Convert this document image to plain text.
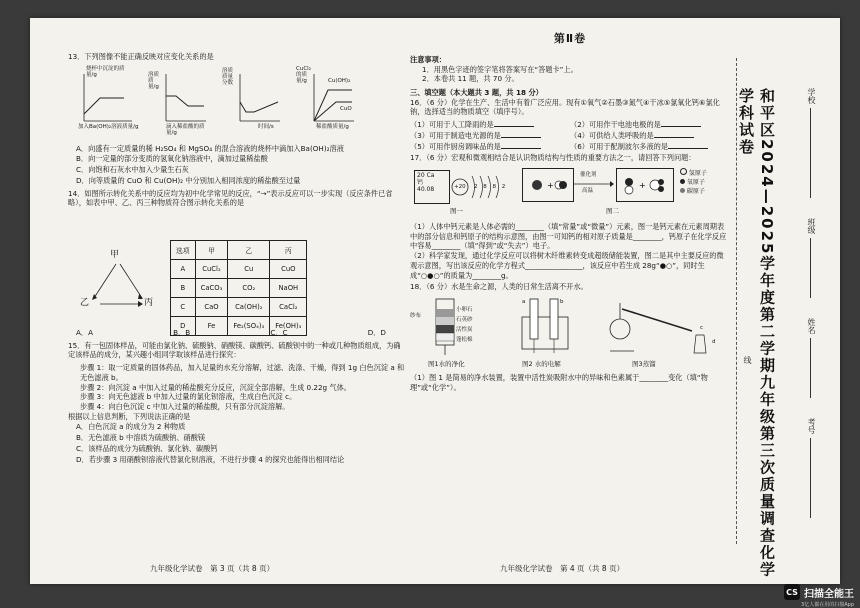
13．下列图像不能正确反映对应变化关系的是
烧杯中沉淀的质量/g
加入Ba(OH)₂溶液质量/g
溶质质量/g
滴入稀盐酸的质量/g
溶质质量分数
时间/s
CuCl₂的质量/g	Cu(OH)₂
CuO
稀盐酸质量/g
A．向盛有一定质量的稀 H₂SO₄ 和 MgSO₄ 的混合溶液的烧杯中滴加入Ba(OH)₂溶液
B．向一定量的部分变质的氢氧化钠溶液中，滴加过量稀盐酸
C．向饱和石灰水中加入少量生石灰
D．向等质量的 CuO 和 Cu(OH)₂ 中分别加入相同浓度的稀盐酸至过量
14．如图所示转化关系中的反应均为初中化学常见的反应，“→”表示反应可以一步实现（反应条件已省略），如表中甲、乙、丙三种物质符合图示转化关系的是
甲
乙	丙
选项	甲	乙	丙
A	CuCl₂	Cu	CuO
B	CaCO₃	CO₂	NaOH
C	CaO	Ca(OH)₂	CaCl₂
D	Fe	Fe₂(SO₄)₃	Fe(OH)₃
A．A	B．B	C．C	D．D
15．有一包固体样品，可能由氯化钠、硫酸钠、硝酸镁、碳酸钙、硫酸钡中的一种或几种物质组成，为确定该样品的成分，某兴趣小组同学取该样品进行探究：
步骤 1：取一定质量的固体药品，加入足量的水充分溶解，过滤、洗涤、干燥，得到 1g 白色沉淀 a 和无色滤液 b。
步骤 2：向沉淀 a 中加入过量的稀盐酸充分反应，沉淀全部溶解，生成 0.22g 气体。
步骤 3：向无色滤液 b 中加入过量的氯化钡溶液，生成白色沉淀 c。
步骤 4：向白色沉淀 c 中加入过量的稀盐酸，只有部分沉淀溶解。
根据以上信息判断，下列说法正确的是
A．白色沉淀 a 的成分为 2 种物质
B．无色滤液 b 中溶质为硫酸钠、硝酸镁
C．该样品的成分为硫酸钠、氯化钠、碳酸钙
D．若步骤 3 用硝酸钡溶液代替氯化钡溶液，不进行步骤 4 的探究也能得出相同结论
九年级化学试卷　第 3 页（共 8 页）
第Ⅱ卷
注意事项：
1．用黑色字迹的签字笔将答案写在“答题卡”上。
2．本卷共 11 题，共 70 分。
三、填空题（本大题共 3 题，共 18 分）
16．（6 分）化学在生产、生活中有着广泛应用。现有①氧气②石墨③氮气④干冰⑤氯氧化钙⑥氯化钠，选择适当的物质填空（填序号）。
（1）可用于人工降雨的是	（2）可用作干电池电极的是
（3）可用于制造电光源的是	（4）可供给人类呼吸的是
（5）可用作厨房调味品的是	（6）可用于配制波尔多液的是
17．（6 分）宏观和微观相结合是认识物质结构与性质的重要方法之一，请回答下列问题：
20 Ca
钙
40.08	+20 2 8 8 2
图一
+
催化剂
高温
+
氢原子
氧原子
碳原子
图二
（1）人体中钙元素是人体必需的________（填“常量”或“微量”）元素，图一是钙元素在元素周期表中的部分信息和钙原子的结构示意图，由图一可知钙的相对原子质量是________，钙原子在化学反应中容易________（填“得到”或“失去”）电子。
（2）科学家发现，通过化学反应可以将树木纤维素转变成超级储能装置，图二是其中主要反应的微观示意图，写出该反应的化学方程式________________，该反应中若生成 28g“●○”，同时生成“○●○”的质量为________g。
18．（6 分）水是生命之源，人类的日常生活离不开水。
纱布
小卵石
石英砂
活性炭
蓬松棉
a	b
c
d
图1水的净化	图2 水的电解	图3蒸馏
（1）图 1 是简易的净水装置，装置中活性炭吸附水中的异味和色素属于________变化（填“物理”或“化学”）。
九年级化学试卷　第 4 页（共 8 页）	和平区2024—2025学年度第二学期九年级第三次质量调查化学学科试卷	学校
班级
姓名
考号
线
CS 扫描全能王
3亿人都在用的扫描App
